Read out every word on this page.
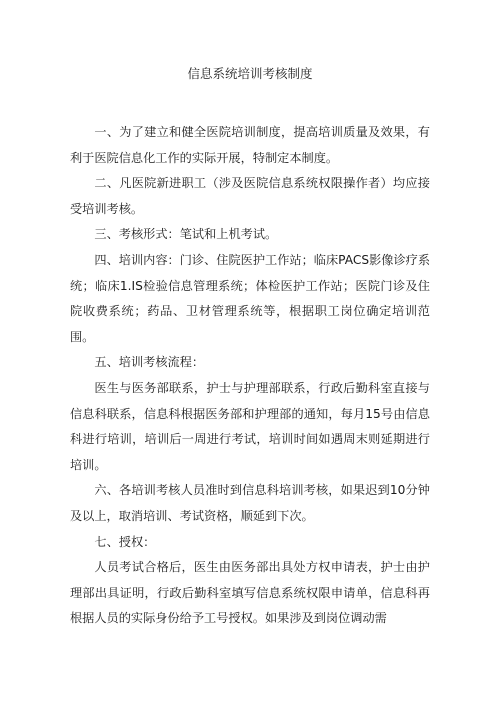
信息系统培训考核制度

一、为了建立和健全医院培训制度，提高培训质量及效果，有利于医院信息化工作的实际开展，特制定本制度。

二、凡医院新进职工（涉及医院信息系统权限操作者）均应接受培训考核。

三、考核形式：笔试和上机考试。

四、培训内容：门诊、住院医护工作站；临床PACS影像诊疗系统；临床1.IS检验信息管理系统；体检医护工作站；医院门诊及住院收费系统；药品、卫材管理系统等，根据职工岗位确定培训范围。

五、培训考核流程：

医生与医务部联系，护士与护理部联系，行政后勤科室直接与信息科联系，信息科根据医务部和护理部的通知，每月15号由信息科进行培训，培训后一周进行考试，培训时间如遇周末则延期进行培训。

六、各培训考核人员准时到信息科培训考核，如果迟到10分钟及以上，取消培训、考试资格，顺延到下次。

七、授权：

人员考试合格后，医生由医务部出具处方权申请表，护士由护理部出具证明，行政后勤科室填写信息系统权限申请单，信息科再根据人员的实际身份给予工号授权。如果涉及到岗位调动需
